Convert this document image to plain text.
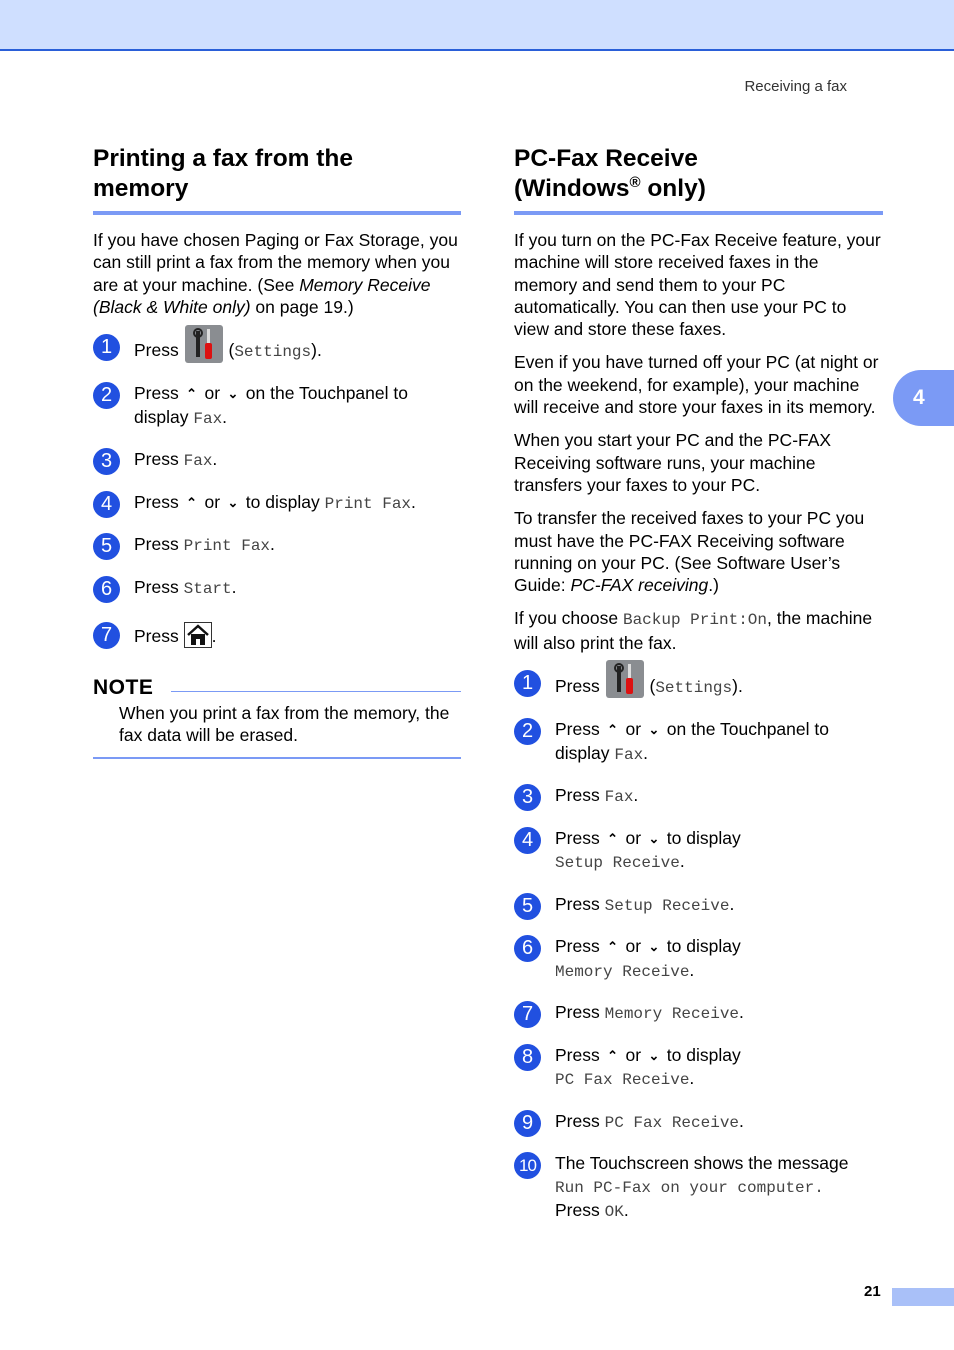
Receiving a fax
4
Printing a fax from the
memory

If you have chosen Paging or Fax Storage, you can still print a fax from the memory when you are at your machine. (See Memory Receive (Black & White only) on page 19.)

1	Press	(Settings).
2	Press ⌃ or ⌄ on the Touchpanel to display Fax.
3	Press Fax.
4	Press ⌃ or ⌄ to display Print Fax.
5	Press Print Fax.
6	Press Start.
7	Press .
NOTE
When you print a fax from the memory, the fax data will be erased.
PC-Fax Receive
(Windows® only)

If you turn on the PC-Fax Receive feature, your machine will store received faxes in the memory and send them to your PC automatically. You can then use your PC to view and store these faxes.

Even if you have turned off your PC (at night or on the weekend, for example), your machine will receive and store your faxes in its memory.

When you start your PC and the PC-FAX Receiving software runs, your machine transfers your faxes to your PC.

To transfer the received faxes to your PC you must have the PC-FAX Receiving software running on your PC. (See Software User’s Guide: PC-FAX receiving.)

If you choose Backup Print:On, the machine will also print the fax.

1	Press	(Settings).
2	Press ⌃ or ⌄ on the Touchpanel to display Fax.
3	Press Fax.
4	Press ⌃ or ⌄ to display
Setup Receive.
5	Press Setup Receive.
6	Press ⌃ or ⌄ to display
Memory Receive.
7	Press Memory Receive.
8	Press ⌃ or ⌄ to display
PC Fax Receive.
9	Press PC Fax Receive.
10 The Touchscreen shows the message
Run PC-Fax on your computer.
Press OK.
21
